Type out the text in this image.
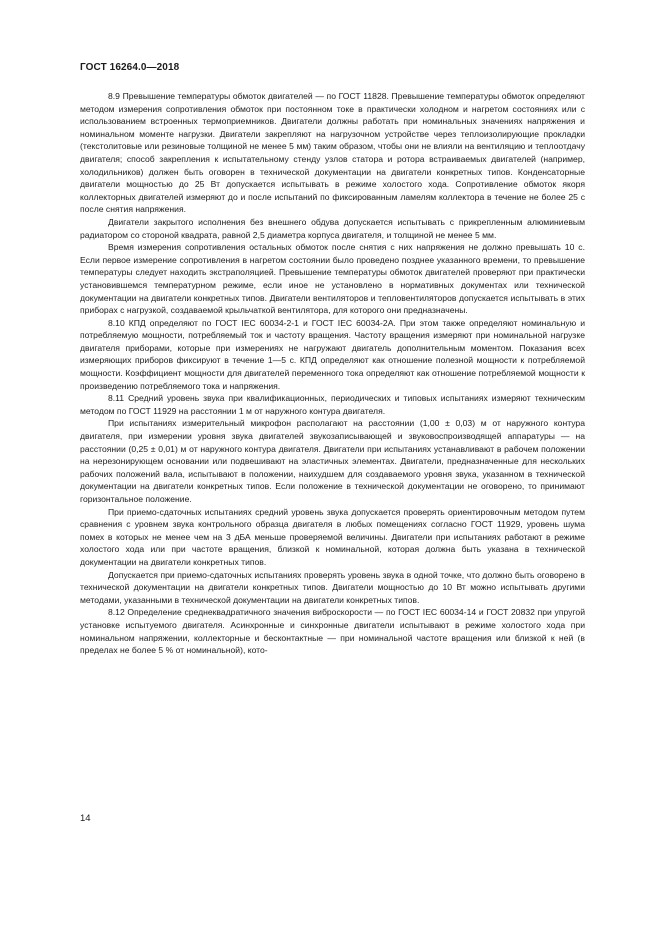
ГОСТ 16264.0—2018

8.9 Превышение температуры обмоток двигателей — по ГОСТ 11828. Превышение температуры обмоток определяют методом измерения сопротивления обмоток при постоянном токе в практически холодном и нагретом состояниях или с использованием встроенных термоприемников. Двигатели должны работать при номинальных значениях напряжения и номинальном моменте нагрузки. Двигатели закрепляют на нагрузочном устройстве через теплоизолирующие прокладки (текстолитовые или резиновые толщиной не менее 5 мм) таким образом, чтобы они не влияли на вентиляцию и теплоотдачу двигателя; способ закрепления к испытательному стенду узлов статора и ротора встраиваемых двигателей (например, холодильников) должен быть оговорен в технической документации на двигатели конкретных типов. Конденсаторные двигатели мощностью до 25 Вт допускается испытывать в режиме холостого хода. Сопротивление обмоток якоря коллекторных двигателей измеряют до и после испытаний по фиксированным ламелям коллектора в течение не более 25 с после снятия напряжения.

Двигатели закрытого исполнения без внешнего обдува допускается испытывать с прикрепленным алюминиевым радиатором со стороной квадрата, равной 2,5 диаметра корпуса двигателя, и толщиной не менее 5 мм.

Время измерения сопротивления остальных обмоток после снятия с них напряжения не должно превышать 10 с. Если первое измерение сопротивления в нагретом состоянии было проведено позднее указанного времени, то превышение температуры следует находить экстраполяцией. Превышение температуры обмоток двигателей проверяют при практически установившемся температурном режиме, если иное не установлено в нормативных документах или технической документации на двигатели конкретных типов. Двигатели вентиляторов и тепловентиляторов допускается испытывать в этих приборах с нагрузкой, создаваемой крыльчаткой вентилятора, для которого они предназначены.

8.10 КПД определяют по ГОСТ IEC 60034-2-1 и ГОСТ IEC 60034-2A. При этом также определяют номинальную и потребляемую мощности, потребляемый ток и частоту вращения. Частоту вращения измеряют при номинальной нагрузке двигателя приборами, которые при измерениях не нагружают двигатель дополнительным моментом. Показания всех измеряющих приборов фиксируют в течение 1—5 с. КПД определяют как отношение полезной мощности к потребляемой мощности. Коэффициент мощности для двигателей переменного тока определяют как отношение потребляемой мощности к произведению потребляемого тока и напряжения.

8.11 Средний уровень звука при квалификационных, периодических и типовых испытаниях измеряют техническим методом по ГОСТ 11929 на расстоянии 1 м от наружного контура двигателя.

При испытаниях измерительный микрофон располагают на расстоянии (1,00 ± 0,03) м от наружного контура двигателя, при измерении уровня звука двигателей звукозаписывающей и звуковоспроизводящей аппаратуры — на расстоянии (0,25 ± 0,01) м от наружного контура двигателя. Двигатели при испытаниях устанавливают в рабочем положении на нерезонирующем основании или подвешивают на эластичных элементах. Двигатели, предназначенные для нескольких рабочих положений вала, испытывают в положении, наихудшем для создаваемого уровня звука, указанном в технической документации на двигатели конкретных типов. Если положение в технической документации не оговорено, то принимают горизонтальное положение.

При приемо-сдаточных испытаниях средний уровень звука допускается проверять ориентировочным методом путем сравнения с уровнем звука контрольного образца двигателя в любых помещениях согласно ГОСТ 11929, уровень шума помех в которых не менее чем на 3 дБА меньше проверяемой величины. Двигатели при испытаниях работают в режиме холостого хода или при частоте вращения, близкой к номинальной, которая должна быть указана в технической документации на двигатели конкретных типов.

Допускается при приемо-сдаточных испытаниях проверять уровень звука в одной точке, что должно быть оговорено в технической документации на двигатели конкретных типов. Двигатели мощностью до 10 Вт можно испытывать другими методами, указанными в технической документации на двигатели конкретных типов.

8.12 Определение среднеквадратичного значения виброскорости — по ГОСТ IEC 60034-14 и ГОСТ 20832 при упругой установке испытуемого двигателя. Асинхронные и синхронные двигатели испытывают в режиме холостого хода при номинальном напряжении, коллекторные и бесконтактные — при номинальной частоте вращения или близкой к ней (в пределах не более 5 % от номинальной), кото-

14
